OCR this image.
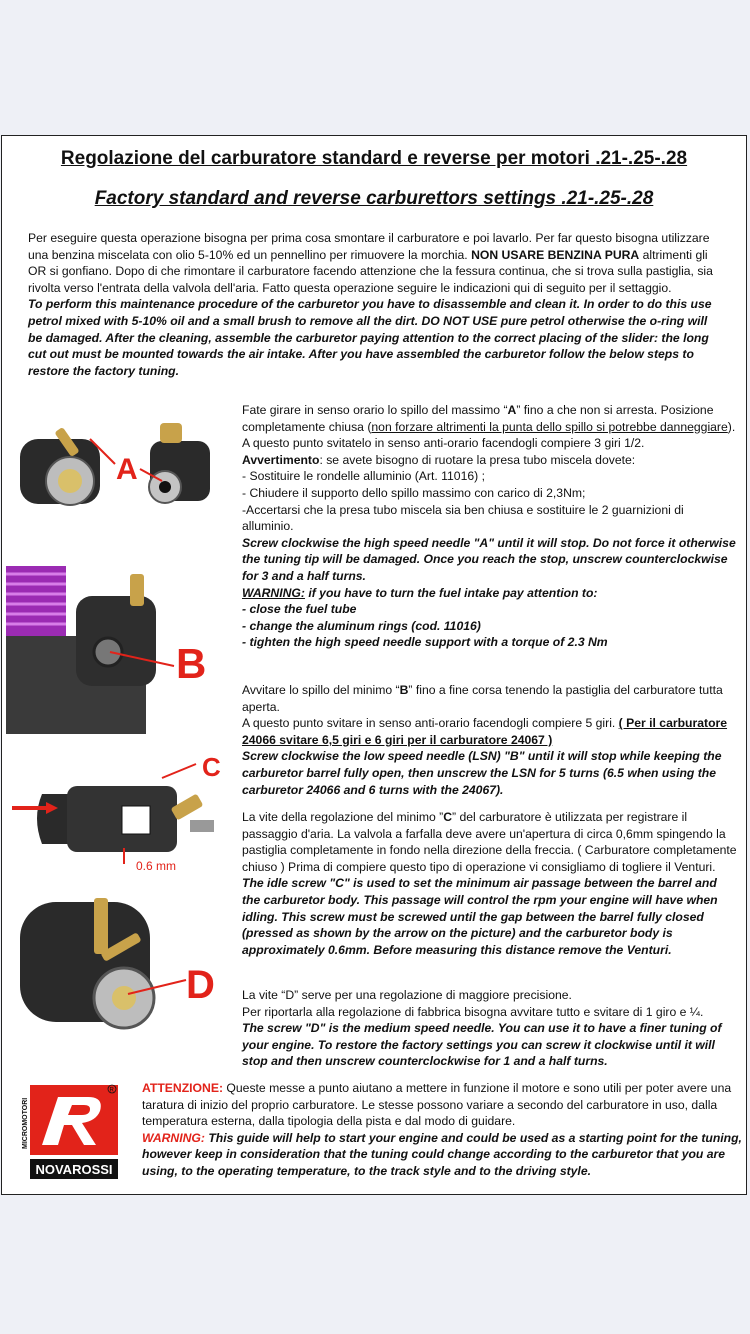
Regolazione del carburatore standard e reverse per motori .21-.25-.28
Factory standard and reverse carburettors settings .21-.25-.28

Per eseguire questa operazione bisogna per prima cosa smontare il carburatore e poi lavarlo. Per far questo bisogna utilizzare una benzina miscelata con olio 5-10% ed un pennellino per rimuovere la morchia. NON USARE BENZINA PURA altrimenti gli OR si gonfiano. Dopo di che rimontare il carburatore facendo attenzione che la fessura continua, che si trova sulla pastiglia, sia rivolta verso l'entrata della valvola dell'aria. Fatto questa operazione seguire le indicazioni qui di seguito per il settaggio.

To perform this maintenance procedure of the carburetor you have to disassemble and clean it. In order to do this use petrol mixed with 5-10% oil and a small brush to remove all the dirt. DO NOT USE pure petrol otherwise the o-ring will be damaged. After the cleaning, assemble the carburetor paying attention to the correct placing of the slider: the long cut out must be mounted towards the air intake. After you have assembled the carburetor follow the below steps to restore the factory tuning.

A
B
C
0.6 mm
D

Fate girare in senso orario lo spillo del massimo “A” fino a che non si arresta. Posizione completamente chiusa (non forzare altrimenti la punta dello spillo si potrebbe danneggiare). A questo punto svitatelo in senso anti-orario facendogli compiere 3 giri 1/2.

Avvertimento: se avete bisogno di ruotare la presa tubo miscela dovete:

- Sostituire le rondelle alluminio (Art. 11016) ;

- Chiudere il supporto dello spillo massimo con carico di 2,3Nm;

-Accertarsi che la presa tubo miscela sia ben chiusa e sostituire le 2 guarnizioni di alluminio.

Screw clockwise the high speed needle "A" until it will stop. Do not force it otherwise the tuning tip will be damaged. Once you reach the stop, unscrew counterclockwise for 3 and a half turns.

WARNING: if you have to turn the fuel intake pay attention to:

- close the fuel tube

- change the aluminum rings (cod. 11016)

- tighten the high speed needle support with a torque of 2.3 Nm

Avvitare lo spillo del minimo “B” fino a fine corsa tenendo la pastiglia del carburatore tutta aperta.

A questo punto svitare in senso anti-orario facendogli compiere 5 giri. ( Per il carburatore 24066 svitare 6,5 giri e 6 giri per il carburatore 24067 )

Screw clockwise the low speed needle (LSN) "B" until it will stop while keeping the carburetor barrel fully open, then unscrew the LSN for 5 turns (6.5 when using the carburetor 24066 and 6 turns with the 24067).

La vite della regolazione del minimo ”C” del carburatore è utilizzata per registrare il passaggio d'aria. La valvola a farfalla deve avere un'apertura di circa 0,6mm spingendo la pastiglia completamente in fondo nella direzione della freccia. ( Carburatore completamente chiuso ) Prima di compiere questo tipo di operazione vi consigliamo di togliere il Venturi.

The idle screw "C" is used to set the minimum air passage between the barrel and the carburetor body. This passage will control the rpm your engine will have when idling. This screw must be screwed until the gap between the barrel fully closed (pressed as shown by the arrow on the picture) and the carburetor body is approximately 0.6mm. Before measuring this distance remove the Venturi.

La vite “D” serve per una regolazione di maggiore precisione.

Per riportarla alla regolazione di fabbrica bisogna avvitare tutto e svitare di 1 giro e ¼.

The screw "D" is the medium speed needle. You can use it to have a finer tuning of your engine. To restore the factory settings you can screw it clockwise until it will stop and then unscrew counterclockwise for 1 and a half turns.

MICROMOTORI
R
NOVAROSSI

ATTENZIONE: Queste messe a punto aiutano a mettere in funzione il motore e sono utili per poter avere una taratura di inizio del proprio carburatore. Le stesse possono variare a secondo del carburatore in uso, dalla temperatura esterna, dalla tipologia della pista e dal modo di guidare.

WARNING: This guide will help to start your engine and could be used as a starting point for the tuning, however keep in consideration that the tuning could change according to the carburetor that you are using, to the operating temperature, to the track style and to the driving style.
